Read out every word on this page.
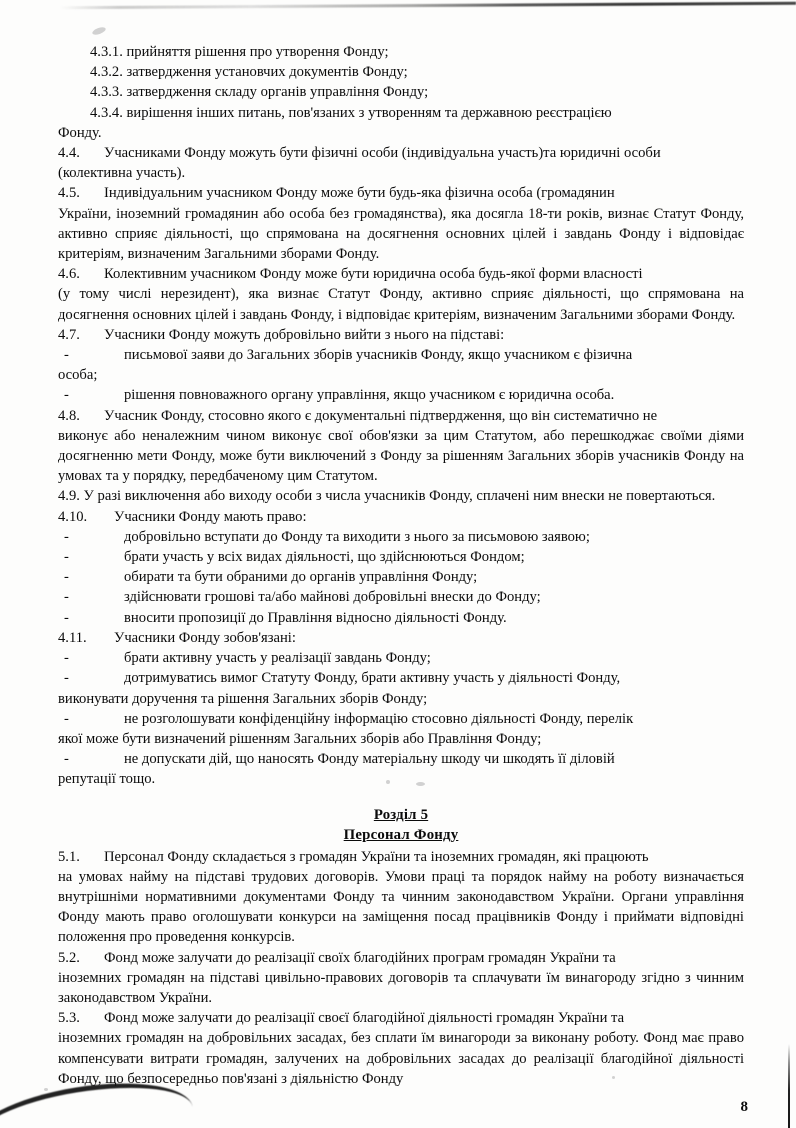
4.3.1. прийняття рішення про утворення Фонду;

4.3.2. затвердження установчих документів Фонду;

4.3.3. затвердження складу органів управління Фонду;

4.3.4. вирішення інших питань, пов'язаних з утворенням та державною реєстрацією

Фонду.

4.4. Учасниками Фонду можуть бути фізичні особи (індивідуальна участь)та юридичні особи

(колективна участь).

4.5. Індивідуальним учасником Фонду може бути будь-яка фізична особа (громадянин

України, іноземний громадянин або особа без громадянства), яка досягла 18-ти років, визнає Статут Фонду, активно сприяє діяльності, що спрямована на досягнення основних цілей і завдань Фонду і відповідає критеріям, визначеним Загальними зборами Фонду.

4.6. Колективним учасником Фонду може бути юридична особа будь-якої форми власності

(у тому числі нерезидент), яка визнає Статут Фонду, активно сприяє діяльності, що спрямована на досягнення основних цілей і завдань Фонду, і відповідає критеріям, визначеним Загальними зборами Фонду.

4.7. Учасники Фонду можуть добровільно вийти з нього на підставі:

-	письмової заяви до Загальних зборів учасників Фонду, якщо учасником є фізична

особа;

-	рішення повноважного органу управління, якщо учасником є юридична особа.

4.8. Учасник Фонду, стосовно якого є документальні підтвердження, що він систематично не

виконує або неналежним чином виконує свої обов'язки за цим Статутом, або перешкоджає своїми діями досягненню мети Фонду, може бути виключений з Фонду за рішенням Загальних зборів учасників Фонду на умовах та у порядку, передбаченому цим Статутом.

4.9. У разі виключення або виходу особи з числа учасників Фонду, сплачені ним внески не повертаються.

4.10. Учасники Фонду мають право:

-	добровільно вступати до Фонду та виходити з нього за письмовою заявою;

-	брати участь у всіх видах діяльності, що здійснюються Фондом;

-	обирати та бути обраними до органів управління Фонду;

-	здійснювати грошові та/або майнові добровільні внески до Фонду;

-	вносити пропозиції до Правління відносно діяльності Фонду.

4.11. Учасники Фонду зобов'язані:

-	брати активну участь у реалізації завдань Фонду;

-	дотримуватись вимог Статуту Фонду, брати активну участь у діяльності Фонду,

виконувати доручення та рішення Загальних зборів Фонду;

-	не розголошувати конфіденційну інформацію стосовно діяльності Фонду, перелік

якої може бути визначений рішенням Загальних зборів або Правління Фонду;

-	не допускати дій, що наносять Фонду матеріальну шкоду чи шкодять її діловій

репутації тощо.

Розділ 5
Персонал Фонду

5.1. Персонал Фонду складається з громадян України та іноземних громадян, які працюють

на умовах найму на підставі трудових договорів. Умови праці та порядок найму на роботу визначається внутрішніми нормативними документами Фонду та чинним законодавством України. Органи управління Фонду мають право оголошувати конкурси на заміщення посад працівників Фонду і приймати відповідні положення про проведення конкурсів.

5.2. Фонд може залучати до реалізації своїх благодійних програм громадян України та

іноземних громадян на підставі цивільно-правових договорів та сплачувати їм винагороду згідно з чинним законодавством України.

5.3. Фонд може залучати до реалізації своєї благодійної діяльності громадян України та

іноземних громадян на добровільних засадах, без сплати їм винагороди за виконану роботу. Фонд має право компенсувати витрати громадян, залучених на добровільних засадах до реалізації благодійної діяльності Фонду, що безпосередньо пов'язані з діяльністю Фонду

8
